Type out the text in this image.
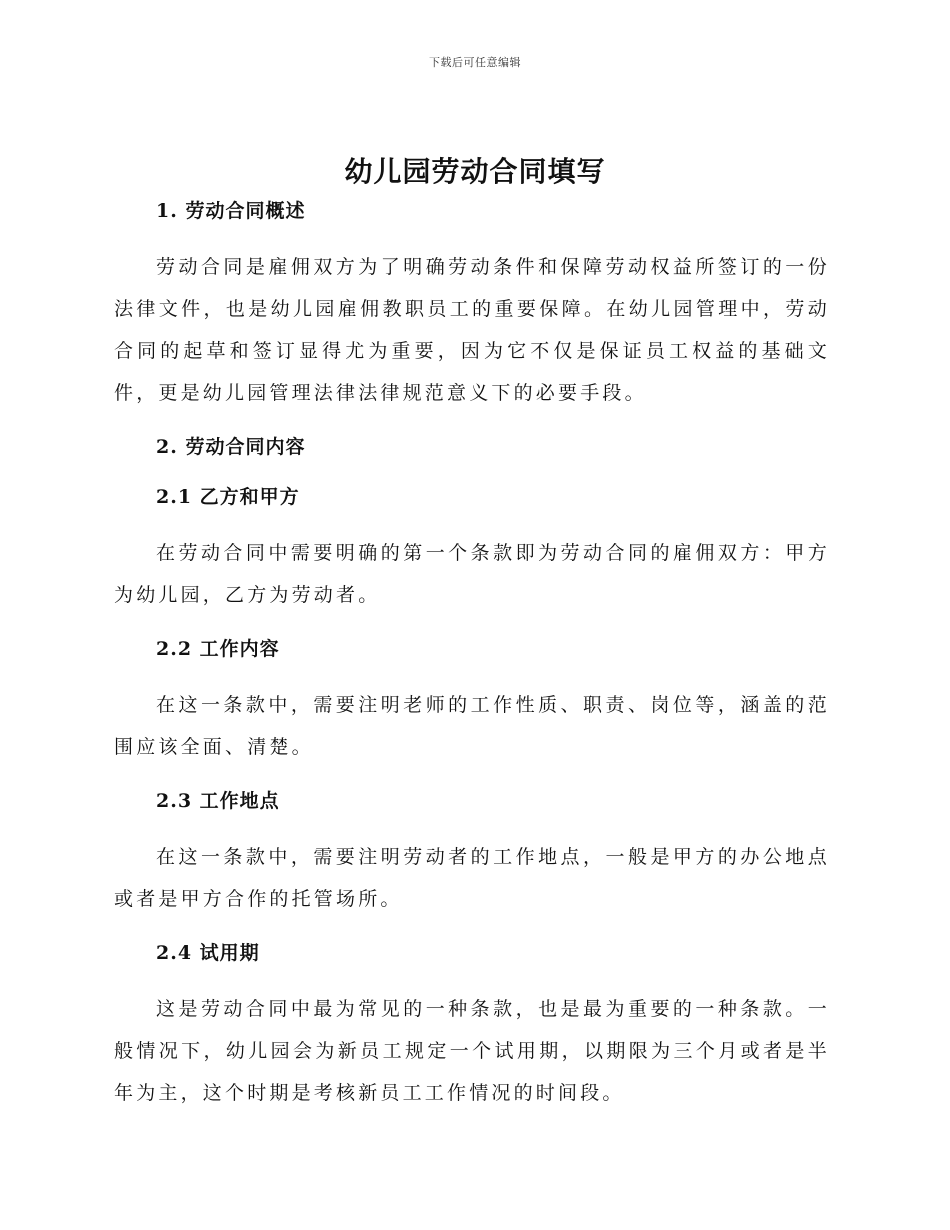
下载后可任意编辑
幼儿园劳动合同填写
1. 劳动合同概述

劳动合同是雇佣双方为了明确劳动条件和保障劳动权益所签订的一份法律文件，也是幼儿园雇佣教职员工的重要保障。在幼儿园管理中，劳动合同的起草和签订显得尤为重要，因为它不仅是保证员工权益的基础文件，更是幼儿园管理法律法律规范意义下的必要手段。

2. 劳动合同内容
2.1 乙方和甲方

在劳动合同中需要明确的第一个条款即为劳动合同的雇佣双方：甲方为幼儿园，乙方为劳动者。

2.2 工作内容

在这一条款中，需要注明老师的工作性质、职责、岗位等，涵盖的范围应该全面、清楚。

2.3 工作地点

在这一条款中，需要注明劳动者的工作地点，一般是甲方的办公地点或者是甲方合作的托管场所。

2.4 试用期

这是劳动合同中最为常见的一种条款，也是最为重要的一种条款。一般情况下，幼儿园会为新员工规定一个试用期，以期限为三个月或者是半年为主，这个时期是考核新员工工作情况的时间段。
